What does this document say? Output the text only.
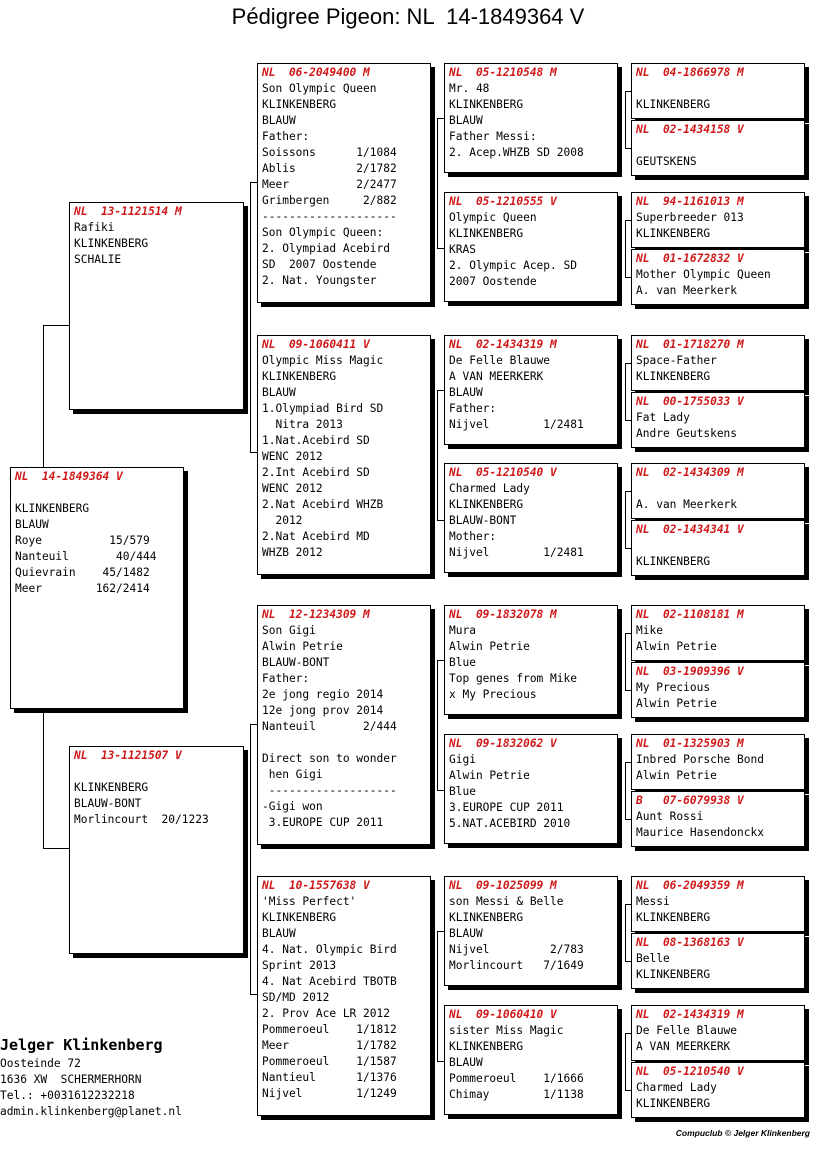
Pédigree Pigeon: NL  14-1849364 V
NL  14-1849364 V
KLINKENBERG
BLAUW
Roye          15/579
Nanteuil       40/444
Quievrain    45/1482
Meer        162/2414
NL  13-1121514 M
Rafiki
KLINKENBERG
SCHALIE
NL  13-1121507 V
KLINKENBERG
BLAUW-BONT
Morlincourt  20/1223
NL  06-2049400 M
Son Olympic Queen
KLINKENBERG
BLAUW
Father:
Soissons      1/1084
Ablis         2/1782
Meer          2/2477
Grimbergen     2/882
--------------------
Son Olympic Queen:
2. Olympiad Acebird
SD  2007 Oostende
2. Nat. Youngster
NL  09-1060411 V
Olympic Miss Magic
KLINKENBERG
BLAUW
1.Olympiad Bird SD
Nitra 2013
1.Nat.Acebird SD
WENC 2012
2.Int Acebird SD
WENC 2012
2.Nat Acebird WHZB
2012
2.Nat Acebird MD
WHZB 2012
NL  12-1234309 M
Son Gigi
Alwin Petrie
BLAUW-BONT
Father:
2e jong regio 2014
12e jong prov 2014
Nanteuil       2/444
Direct son to wonder
hen Gigi
-------------------
-Gigi won
3.EUROPE CUP 2011
NL  10-1557638 V
'Miss Perfect'
KLINKENBERG
BLAUW
4. Nat. Olympic Bird
Sprint 2013
4. Nat Acebird TBOTB
SD/MD 2012
2. Prov Ace LR 2012
Pommeroeul    1/1812
Meer          1/1782
Pommeroeul    1/1587
Nantieul      1/1376
Nijvel        1/1249
NL  05-1210548 M
Mr. 48
KLINKENBERG
BLAUW
Father Messi:
2. Acep.WHZB SD 2008
NL  05-1210555 V
Olympic Queen
KLINKENBERG
KRAS
2. Olympic Acep. SD
2007 Oostende
NL  02-1434319 M
De Felle Blauwe
A VAN MEERKERK
BLAUW
Father:
Nijvel        1/2481
NL  05-1210540 V
Charmed Lady
KLINKENBERG
BLAUW-BONT
Mother:
Nijvel        1/2481
NL  09-1832078 M
Mura
Alwin Petrie
Blue
Top genes from Mike
x My Precious
NL  09-1832062 V
Gigi
Alwin Petrie
Blue
3.EUROPE CUP 2011
5.NAT.ACEBIRD 2010
NL  09-1025099 M
son Messi & Belle
KLINKENBERG
BLAUW
Nijvel         2/783
Morlincourt   7/1649
NL  09-1060410 V
sister Miss Magic
KLINKENBERG
BLAUW
Pommeroeul    1/1666
Chimay        1/1138
NL  04-1866978 M
KLINKENBERG
NL  02-1434158 V
GEUTSKENS
NL  94-1161013 M
Superbreeder 013
KLINKENBERG
NL  01-1672832 V
Mother Olympic Queen
A. van Meerkerk
NL  01-1718270 M
Space-Father
KLINKENBERG
NL  00-1755033 V
Fat Lady
Andre Geutskens
NL  02-1434309 M
A. van Meerkerk
NL  02-1434341 V
KLINKENBERG
NL  02-1108181 M
Mike
Alwin Petrie
NL  03-1909396 V
My Precious
Alwin Petrie
NL  01-1325903 M
Inbred Porsche Bond
Alwin Petrie
B   07-6079938 V
Aunt Rossi
Maurice Hasendonckx
NL  06-2049359 M
Messi
KLINKENBERG
NL  08-1368163 V
Belle
KLINKENBERG
NL  02-1434319 M
De Felle Blauwe
A VAN MEERKERK
NL  05-1210540 V
Charmed Lady
KLINKENBERG
Jelger Klinkenberg
Oosteinde 72
1636 XW  SCHERMERHORN
Tel.: +0031612232218
admin.klinkenberg@planet.nl
Compuclub © Jelger Klinkenberg
